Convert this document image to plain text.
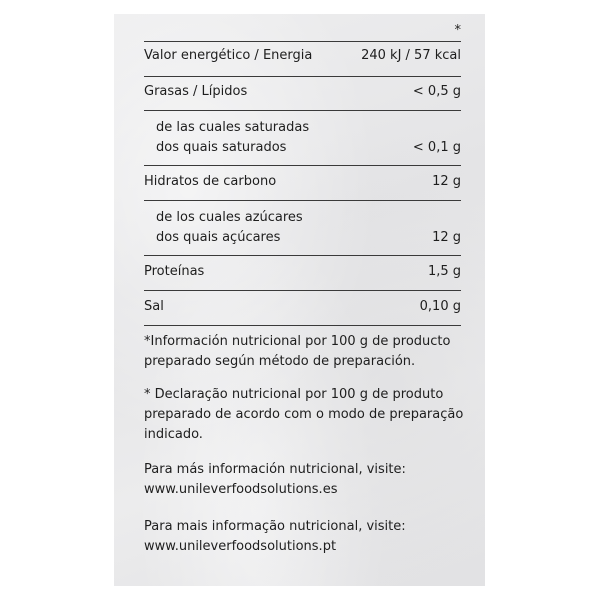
*
Valor energético / Energia	240 kJ / 57 kcal
Grasas / Lípidos	< 0,5 g
de las cuales saturadas
dos quais saturados	< 0,1 g
Hidratos de carbono	12 g
de los cuales azúcares
dos quais açúcares	12 g
Proteínas	1,5 g
Sal	0,10 g
*Información nutricional por 100 g de producto
preparado según método de preparación.
* Declaração nutricional por 100 g de produto
preparado de acordo com o modo de preparação
indicado.
Para más información nutricional, visite:
www.unileverfoodsolutions.es
Para mais informação nutricional, visite:
www.unileverfoodsolutions.pt
